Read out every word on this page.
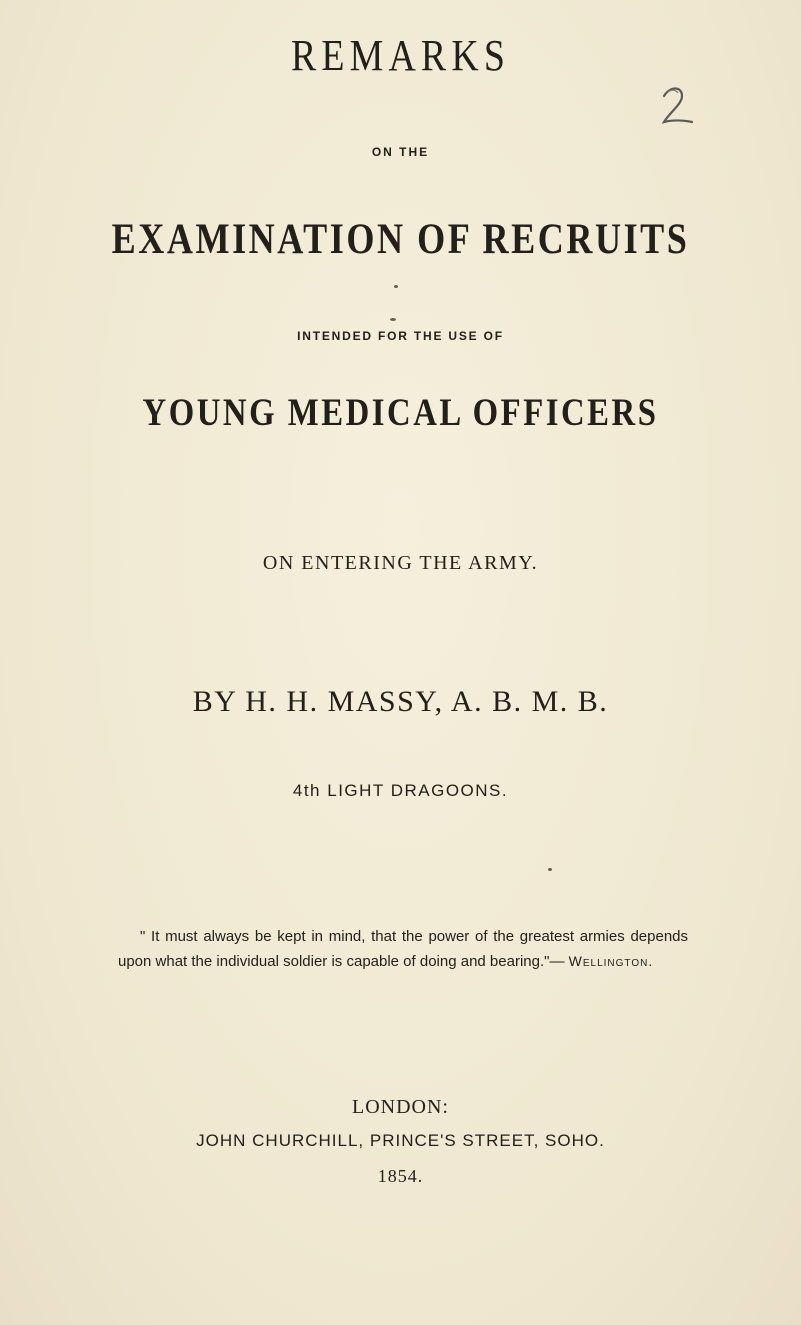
REMARKS
ON THE
EXAMINATION OF RECRUITS
INTENDED FOR THE USE OF
YOUNG MEDICAL OFFICERS
ON ENTERING THE ARMY.
BY H. H. MASSY, A. B. M. B.
4th LIGHT DRAGOONS.
" It must always be kept in mind, that the power of the greatest armies depends upon what the individual soldier is capable of doing and bearing."— Wellington.
LONDON:
JOHN CHURCHILL, PRINCE'S STREET, SOHO.
1854.
